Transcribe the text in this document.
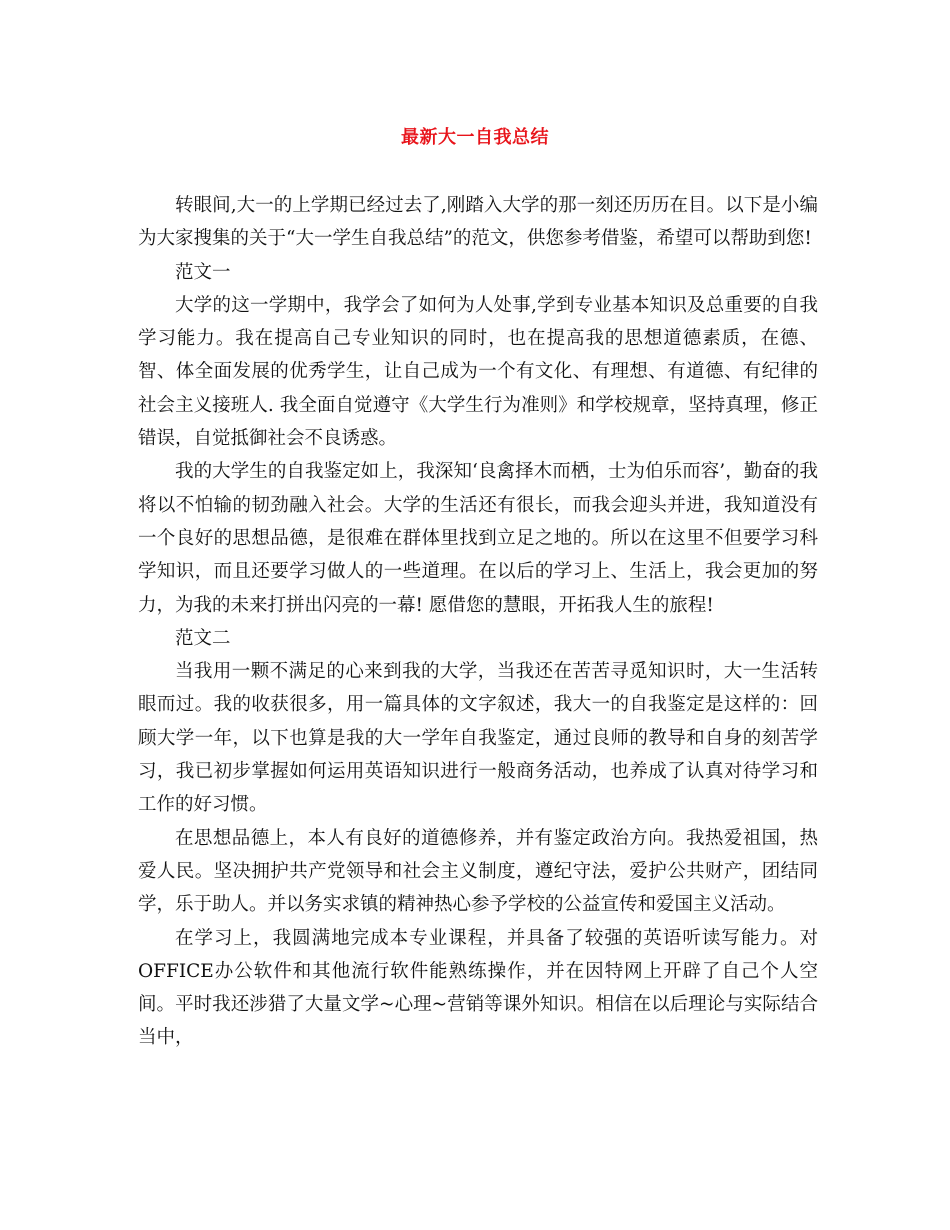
最新大一自我总结

转眼间,大一的上学期已经过去了,刚踏入大学的那一刻还历历在目。以下是小编为大家搜集的关于“大一学生自我总结”的范文，供您参考借鉴，希望可以帮助到您!

范文一

大学的这一学期中，我学会了如何为人处事,学到专业基本知识及总重要的自我学习能力。我在提高自己专业知识的同时，也在提高我的思想道德素质，在德、智、体全面发展的优秀学生，让自己成为一个有文化、有理想、有道德、有纪律的社会主义接班人. 我全面自觉遵守《大学生行为准则》和学校规章，坚持真理，修正错误，自觉抵御社会不良诱惑。

我的大学生的自我鉴定如上，我深知‘良禽择木而栖，士为伯乐而容’，勤奋的我将以不怕输的韧劲融入社会。大学的生活还有很长，而我会迎头并进，我知道没有一个良好的思想品德，是很难在群体里找到立足之地的。所以在这里不但要学习科学知识，而且还要学习做人的一些道理。在以后的学习上、生活上，我会更加的努力，为我的未来打拼出闪亮的一幕! 愿借您的慧眼，开拓我人生的旅程!

范文二

当我用一颗不满足的心来到我的大学，当我还在苦苦寻觅知识时，大一生活转眼而过。我的收获很多，用一篇具体的文字叙述，我大一的自我鉴定是这样的：回顾大学一年，以下也算是我的大一学年自我鉴定，通过良师的教导和自身的刻苦学习，我已初步掌握如何运用英语知识进行一般商务活动，也养成了认真对待学习和工作的好习惯。

在思想品德上，本人有良好的道德修养，并有鉴定政治方向。我热爱祖国，热爱人民。坚决拥护共产党领导和社会主义制度，遵纪守法，爱护公共财产，团结同学，乐于助人。并以务实求镇的精神热心参予学校的公益宣传和爱国主义活动。

在学习上，我圆满地完成本专业课程，并具备了较强的英语听读写能力。对OFFICE办公软件和其他流行软件能熟练操作，并在因特网上开辟了自己个人空间。平时我还涉猎了大量文学~心理~营销等课外知识。相信在以后理论与实际结合当中，
